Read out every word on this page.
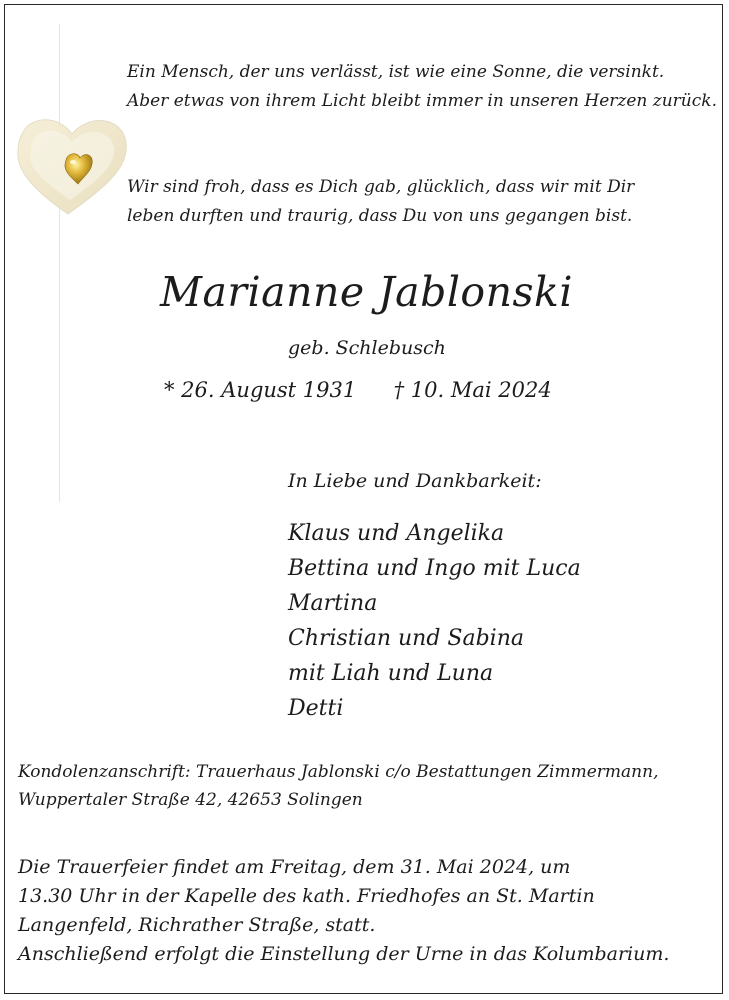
Ein Mensch, der uns verlässt, ist wie eine Sonne, die versinkt.
Aber etwas von ihrem Licht bleibt immer in unseren Herzen zurück.
Wir sind froh, dass es Dich gab, glücklich, dass wir mit Dir
leben durften und traurig, dass Du von uns gegangen bist.
Marianne Jablonski
geb. Schlebusch
* 26. August 1931 † 10. Mai 2024
In Liebe und Dankbarkeit:
Klaus und Angelika
Bettina und Ingo mit Luca
Martina
Christian und Sabina
mit Liah und Luna
Detti
Kondolenzanschrift: Trauerhaus Jablonski c/o Bestattungen Zimmermann,
Wuppertaler Straße 42, 42653 Solingen
Die Trauerfeier findet am Freitag, dem 31. Mai 2024, um
13.30 Uhr in der Kapelle des kath. Friedhofes an St. Martin
Langenfeld, Richrather Straße, statt.
Anschließend erfolgt die Einstellung der Urne in das Kolumbarium.
